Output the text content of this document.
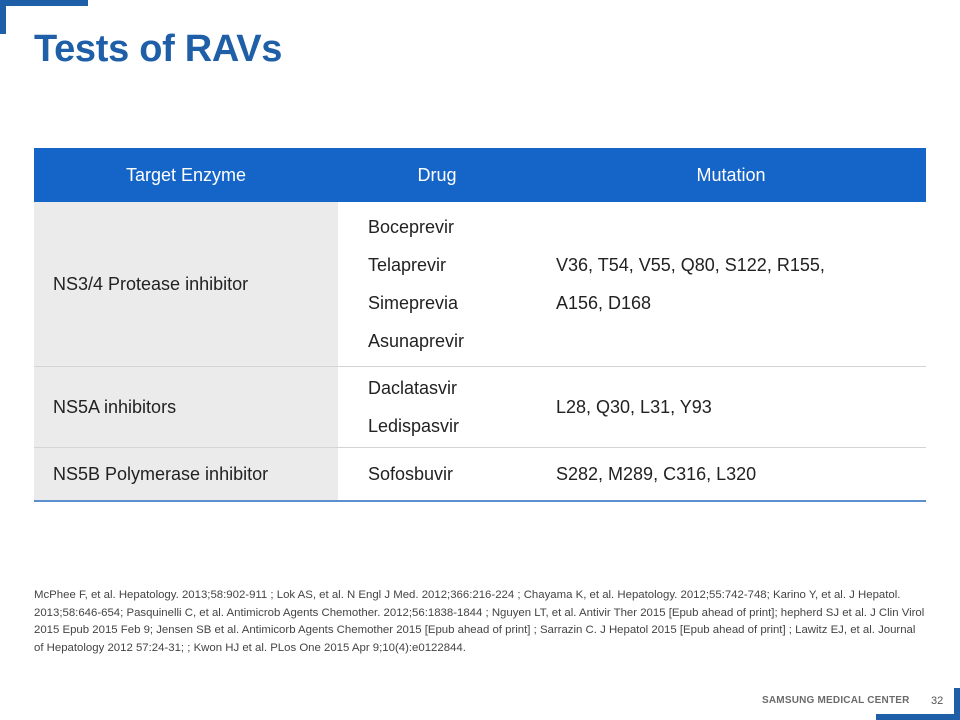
Tests of RAVs
Target Enzyme	Drug	Mutation
NS3/4 Protease inhibitor	Boceprevir
Telaprevir
Simeprevia
Asunaprevir	V36, T54, V55, Q80, S122, R155,
A156, D168

NS5A inhibitors	Daclatasvir
Ledispasvir	L28, Q30, L31, Y93

NS5B Polymerase inhibitor	Sofosbuvir	S282, M289, C316, L320
McPhee F, et al. Hepatology. 2013;58:902-911 ; Lok AS, et al. N Engl J Med. 2012;366:216-224 ; Chayama K, et al. Hepatology. 2012;55:742-748; Karino Y, et al. J Hepatol. 2013;58:646-654; Pasquinelli C, et al. Antimicrob Agents Chemother. 2012;56:1838-1844 ; Nguyen LT, et al. Antivir Ther 2015 [Epub ahead of print]; hepherd SJ et al. J Clin Virol 2015 Epub 2015 Feb 9; Jensen SB et al. Antimicorb Agents Chemother 2015 [Epub ahead of print] ; Sarrazin C. J Hepatol 2015 [Epub ahead of print] ; Lawitz EJ, et al. Journal of Hepatology 2012 57:24-31; ; Kwon HJ et al. PLos One 2015 Apr 9;10(4):e0122844.
SAMSUNG MEDICAL CENTER 32
